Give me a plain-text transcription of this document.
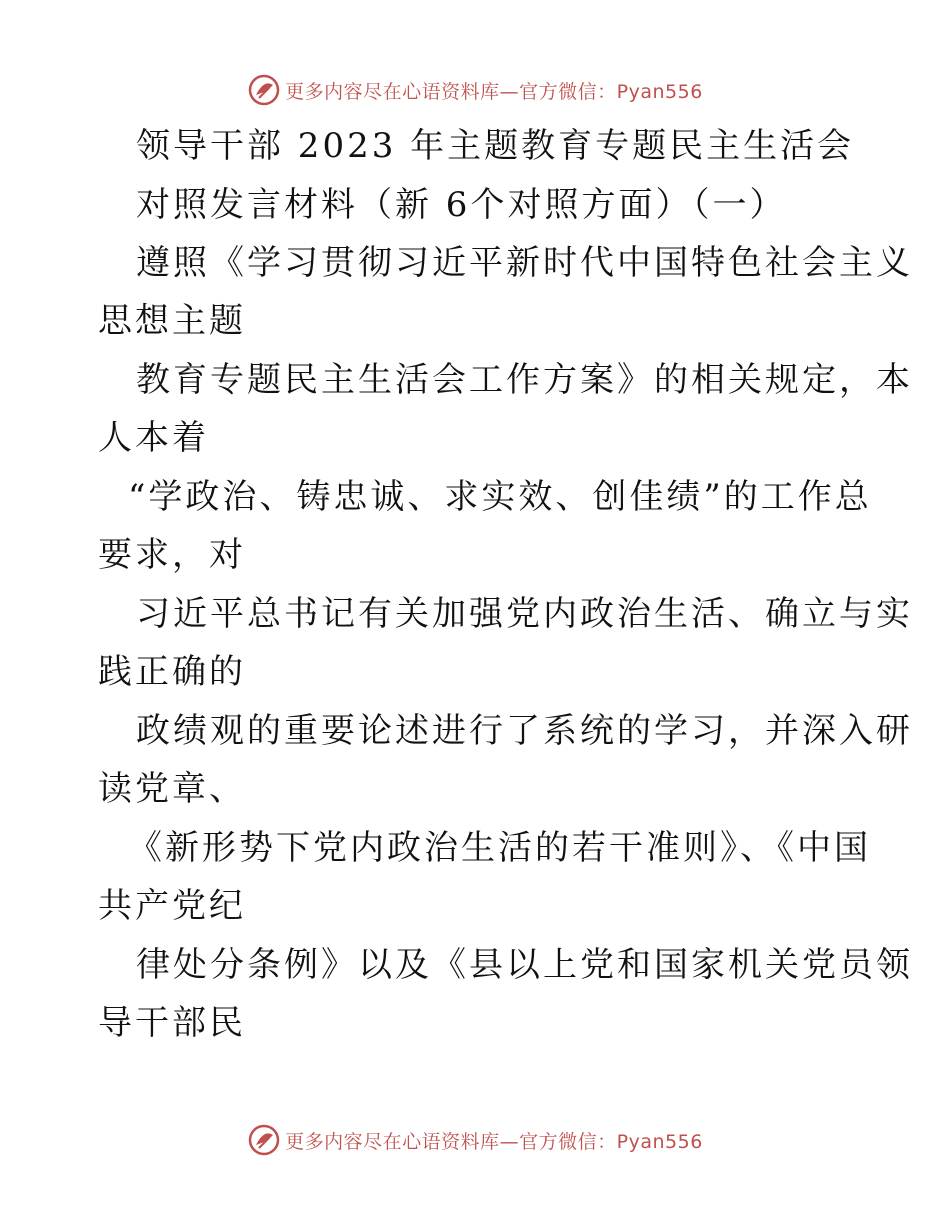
更多内容尽在心语资料库—官方微信：Pyan556
领导干部 2023 年主题教育专题民主生活会
对照发言材料（新 6个对照方面）（一）
遵照《学习贯彻习近平新时代中国特色社会主义
思想主题
教育专题民主生活会工作方案》的相关规定，本
人本着
“学政治、铸忠诚、求实效、创佳绩”的工作总
要求，对
习近平总书记有关加强党内政治生活、确立与实
践正确的
政绩观的重要论述进行了系统的学习，并深入研
读党章、
《新形势下党内政治生活的若干准则》、《中国
共产党纪
律处分条例》以及《县以上党和国家机关党员领
导干部民
更多内容尽在心语资料库—官方微信：Pyan556
